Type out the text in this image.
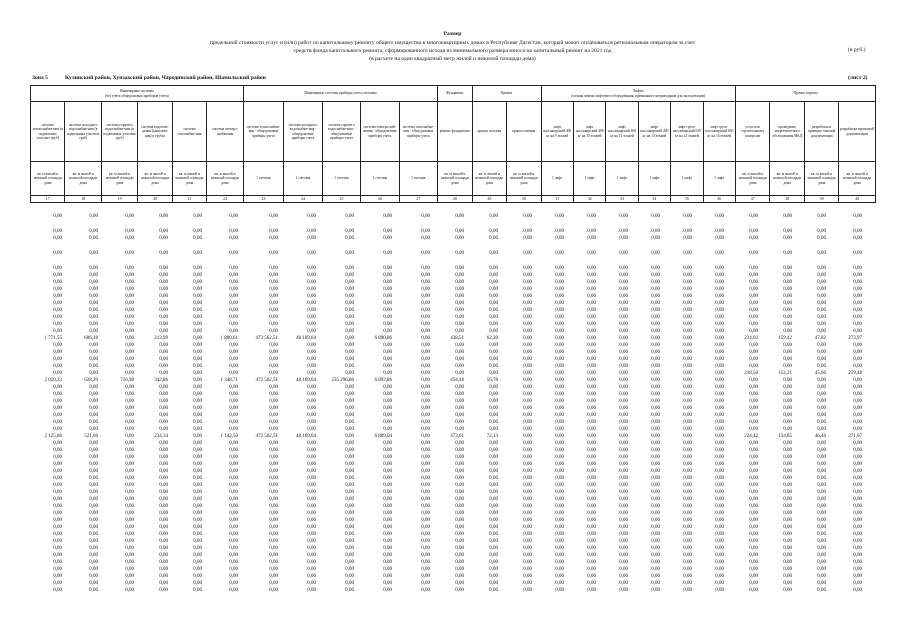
Размер
предельной стоимости услуг и (или) работ по капитальному ремонту общего имущества в многоквартирных домах в Республике Дагестан, который может оплачиваться региональным оператором за счет
средств фонда капитального ремонта, сформированного исходя из минимального размера взноса на капитальный ремонт на 2021 год
(в расчете на один квадратный метр жилой и нежилой площади дома)
(в руб.)
Зона 5	Кулинский район, Хунзахский район, Чародинский район, Шамильский район	(лист 2)
Инженерные системы
(без учета общедомовых приборов учета)						Инженерные системы приборы учета счетчики					Фундамент	Крыша		Лифты
(полная замена лифтового оборудования, признанного непригодным для эксплуатации)						Прочие затраты			
система теплоснабже-ния (в подвальных участках труб)	система холодного водоснабже-ния (в подвальных участках труб)	система горячего водоснабже-ния (в подвальных участках труб)	система водоотве-дения (канализа-ция) в трубах	система газоснабже-ния	система электро-снабжения	система теплоснабже-ния - общедомовые приборы учета	система холодного водоснабже-ния - общедомовые приборы учета	система горячего водоснабже-ния - общедомовые приборы учета	система электроснаб-жения - общедомовые приборы учета	система газоснабже-ния - общедомовые приборы учета	ремонт фундамента	крыша плоская	крыша скатная	лифт пассажирский 400 кг на 9 этажей	лифт пассажирский 400 кг на 10 этажей	лифт пассажирский 400 кг на 12 этажей	лифт пассажирский 400 кг на 14 этажей	лифт грузо-пассажирский 630 кг на 12 этажей	лифт грузо-пассажирский 630 кг на 14 этажей	услуги по строительному контролю	проведение энергетического обследования МКД	разработка и проверка сметной документации	разработка проектной документации
кв. м жилой и нежилой площади дома	кв. м жилой и нежилой площади дома	кв. м жилой и нежилой площади дома	кв. м жилой и нежилой площади дома	кв. м жилой и нежилой площади дома	кв. м жилой и нежилой площади дома	1 счетчик	1 счетчик	1 счетчик	1 счетчик	1 счетчик	кв. м жилой и нежилой площади дома	кв. м жилой и нежилой площади дома	кв. м жилой и нежилой площади дома	1 лифт	1 лифт	1 лифт	1 лифт	1 лифт	1 лифт	кв. м жилой и нежилой площади дома	кв. м жилой и нежилой площади дома	кв. м жилой и нежилой площади дома	кв. м жилой и нежилой площади дома
17	18	19	20	21	22	23	24	25	26	27	28	29	30	31	32	33	34	35	36	37	38	39	40
0,00	0,00	0,00	0,00	0,00	0,00	0,00	0,00	0,00	0,00	0,00	0,00	0,00	0,00	0,00	0,00	0,00	0,00	0,00	0,00	0,00	0,00	0,00	0,00
0,00	0,00	0,00	0,00	0,00	0,00	0,00	0,00	0,00	0,00	0,00	0,00	0,00	0,00	0,00	0,00	0,00	0,00	0,00	0,00	0,00	0,00	0,00	0,00
0,00	0,00	0,00	0,00	0,00	0,00	0,00	0,00	0,00	0,00	0,00	0,00	0,00	0,00	0,00	0,00	0,00	0,00	0,00	0,00	0,00	0,00	0,00	0,00
0,00	0,00	0,00	0,00	0,00	0,00	0,00	0,00	0,00	0,00	0,00	0,00	0,00	0,00	0,00	0,00	0,00	0,00	0,00	0,00	0,00	0,00	0,00	0,00
0,00	0,00	0,00	0,00	0,00	0,00	0,00	0,00	0,00	0,00	0,00	0,00	0,00	0,00	0,00	0,00	0,00	0,00	0,00	0,00	0,00	0,00	0,00	0,00
0,00	0,00	0,00	0,00	0,00	0,00	0,00	0,00	0,00	0,00	0,00	0,00	0,00	0,00	0,00	0,00	0,00	0,00	0,00	0,00	0,00	0,00	0,00	0,00
0,00	0,00	0,00	0,00	0,00	0,00	0,00	0,00	0,00	0,00	0,00	0,00	0,00	0,00	0,00	0,00	0,00	0,00	0,00	0,00	0,00	0,00	0,00	0,00
0,00	0,00	0,00	0,00	0,00	0,00	0,00	0,00	0,00	0,00	0,00	0,00	0,00	0,00	0,00	0,00	0,00	0,00	0,00	0,00	0,00	0,00	0,00	0,00
0,00	0,00	0,00	0,00	0,00	0,00	0,00	0,00	0,00	0,00	0,00	0,00	0,00	0,00	0,00	0,00	0,00	0,00	0,00	0,00	0,00	0,00	0,00	0,00
0,00	0,00	0,00	0,00	0,00	0,00	0,00	0,00	0,00	0,00	0,00	0,00	0,00	0,00	0,00	0,00	0,00	0,00	0,00	0,00	0,00	0,00	0,00	0,00
0,00	0,00	0,00	0,00	0,00	0,00	0,00	0,00	0,00	0,00	0,00	0,00	0,00	0,00	0,00	0,00	0,00	0,00	0,00	0,00	0,00	0,00	0,00	0,00
0,00	0,00	0,00	0,00	0,00	0,00	0,00	0,00	0,00	0,00	0,00	0,00	0,00	0,00	0,00	0,00	0,00	0,00	0,00	0,00	0,00	0,00	0,00	0,00
0,00	0,00	0,00	0,00	0,00	0,00	0,00	0,00	0,00	0,00	0,00	0,00	0,00	0,00	0,00	0,00	0,00	0,00	0,00	0,00	0,00	0,00	0,00	0,00
0,00	0,00	0,00	0,00	0,00	0,00	0,00	0,00	0,00	0,00	0,00	0,00	0,00	0,00	0,00	0,00	0,00	0,00	0,00	0,00	0,00	0,00	0,00	0,00
1 771,55	606,18	0,00	213,99	0,00	1 800,61	473 562,51	48 169,64	0,00	6 890,86	0,00	438,51	62,20	0,00	0,00	0,00	0,00	0,00	0,00	0,00	234,02	159,42	47,82	273,97
0,00	0,00	0,00	0,00	0,00	0,00	0,00	0,00	0,00	0,00	0,00	0,00	0,00	0,00	0,00	0,00	0,00	0,00	0,00	0,00	0,00	0,00	0,00	0,00
0,00	0,00	0,00	0,00	0,00	0,00	0,00	0,00	0,00	0,00	0,00	0,00	0,00	0,00	0,00	0,00	0,00	0,00	0,00	0,00	0,00	0,00	0,00	0,00
0,00	0,00	0,00	0,00	0,00	0,00	0,00	0,00	0,00	0,00	0,00	0,00	0,00	0,00	0,00	0,00	0,00	0,00	0,00	0,00	0,00	0,00	0,00	0,00
0,00	0,00	0,00	0,00	0,00	0,00	0,00	0,00	0,00	0,00	0,00	0,00	0,00	0,00	0,00	0,00	0,00	0,00	0,00	0,00	0,00	0,00	0,00	0,00
0,00	0,00	0,00	0,00	0,00	0,00	0,00	0,00	0,00	0,00	0,00	0,00	0,00	0,00	0,00	0,00	0,00	0,00	0,00	0,00	218,50	152,21	45,66	259,48
2 020,23	628,20	716,98	342,86	0,00	1 348,71	473 562,51	48 169,64	235 296,86	6 892,86	0,00	454,48	56,78	0,00	0,00	0,00	0,00	0,00	0,00	0,00	0,00	0,00	0,00	0,00
0,00	0,00	0,00	0,00	0,00	0,00	0,00	0,00	0,00	0,00	0,00	0,00	0,00	0,00	0,00	0,00	0,00	0,00	0,00	0,00	0,00	0,00	0,00	0,00
0,00	0,00	0,00	0,00	0,00	0,00	0,00	0,00	0,00	0,00	0,00	0,00	0,00	0,00	0,00	0,00	0,00	0,00	0,00	0,00	0,00	0,00	0,00	0,00
0,00	0,00	0,00	0,00	0,00	0,00	0,00	0,00	0,00	0,00	0,00	0,00	0,00	0,00	0,00	0,00	0,00	0,00	0,00	0,00	0,00	0,00	0,00	0,00
0,00	0,00	0,00	0,00	0,00	0,00	0,00	0,00	0,00	0,00	0,00	0,00	0,00	0,00	0,00	0,00	0,00	0,00	0,00	0,00	0,00	0,00	0,00	0,00
0,00	0,00	0,00	0,00	0,00	0,00	0,00	0,00	0,00	0,00	0,00	0,00	0,00	0,00	0,00	0,00	0,00	0,00	0,00	0,00	0,00	0,00	0,00	0,00
0,00	0,00	0,00	0,00	0,00	0,00	0,00	0,00	0,00	0,00	0,00	0,00	0,00	0,00	0,00	0,00	0,00	0,00	0,00	0,00	0,00	0,00	0,00	0,00
0,00	0,00	0,00	0,00	0,00	0,00	0,00	0,00	0,00	0,00	0,00	0,00	0,00	0,00	0,00	0,00	0,00	0,00	0,00	0,00	0,00	0,00	0,00	0,00
2 125,86	521,66	0,00	234,34	0,00	1 142,50	473 562,51	48 169,64	0,00	6 889,04	0,00	473,61	72,13	0,00	0,00	0,00	0,00	0,00	0,00	0,00	224,42	134,85	46,46	271,07
0,00	0,00	0,00	0,00	0,00	0,00	0,00	0,00	0,00	0,00	0,00	0,00	0,00	0,00	0,00	0,00	0,00	0,00	0,00	0,00	0,00	0,00	0,00	0,00
0,00	0,00	0,00	0,00	0,00	0,00	0,00	0,00	0,00	0,00	0,00	0,00	0,00	0,00	0,00	0,00	0,00	0,00	0,00	0,00	0,00	0,00	0,00	0,00
0,00	0,00	0,00	0,00	0,00	0,00	0,00	0,00	0,00	0,00	0,00	0,00	0,00	0,00	0,00	0,00	0,00	0,00	0,00	0,00	0,00	0,00	0,00	0,00
0,00	0,00	0,00	0,00	0,00	0,00	0,00	0,00	0,00	0,00	0,00	0,00	0,00	0,00	0,00	0,00	0,00	0,00	0,00	0,00	0,00	0,00	0,00	0,00
0,00	0,00	0,00	0,00	0,00	0,00	0,00	0,00	0,00	0,00	0,00	0,00	0,00	0,00	0,00	0,00	0,00	0,00	0,00	0,00	0,00	0,00	0,00	0,00
0,00	0,00	0,00	0,00	0,00	0,00	0,00	0,00	0,00	0,00	0,00	0,00	0,00	0,00	0,00	0,00	0,00	0,00	0,00	0,00	0,00	0,00	0,00	0,00
0,00	0,00	0,00	0,00	0,00	0,00	0,00	0,00	0,00	0,00	0,00	0,00	0,00	0,00	0,00	0,00	0,00	0,00	0,00	0,00	0,00	0,00	0,00	0,00
0,00	0,00	0,00	0,00	0,00	0,00	0,00	0,00	0,00	0,00	0,00	0,00	0,00	0,00	0,00	0,00	0,00	0,00	0,00	0,00	0,00	0,00	0,00	0,00
0,00	0,00	0,00	0,00	0,00	0,00	0,00	0,00	0,00	0,00	0,00	0,00	0,00	0,00	0,00	0,00	0,00	0,00	0,00	0,00	0,00	0,00	0,00	0,00
0,00	0,00	0,00	0,00	0,00	0,00	0,00	0,00	0,00	0,00	0,00	0,00	0,00	0,00	0,00	0,00	0,00	0,00	0,00	0,00	0,00	0,00	0,00	0,00
0,00	0,00	0,00	0,00	0,00	0,00	0,00	0,00	0,00	0,00	0,00	0,00	0,00	0,00	0,00	0,00	0,00	0,00	0,00	0,00	0,00	0,00	0,00	0,00
0,00	0,00	0,00	0,00	0,00	0,00	0,00	0,00	0,00	0,00	0,00	0,00	0,00	0,00	0,00	0,00	0,00	0,00	0,00	0,00	0,00	0,00	0,00	0,00
0,00	0,00	0,00	0,00	0,00	0,00	0,00	0,00	0,00	0,00	0,00	0,00	0,00	0,00	0,00	0,00	0,00	0,00	0,00	0,00	0,00	0,00	0,00	0,00
0,00	0,00	0,00	0,00	0,00	0,00	0,00	0,00	0,00	0,00	0,00	0,00	0,00	0,00	0,00	0,00	0,00	0,00	0,00	0,00	0,00	0,00	0,00	0,00
0,00	0,00	0,00	0,00	0,00	0,00	0,00	0,00	0,00	0,00	0,00	0,00	0,00	0,00	0,00	0,00	0,00	0,00	0,00	0,00	0,00	0,00	0,00	0,00
0,00	0,00	0,00	0,00	0,00	0,00	0,00	0,00	0,00	0,00	0,00	0,00	0,00	0,00	0,00	0,00	0,00	0,00	0,00	0,00	0,00	0,00	0,00	0,00
0,00	0,00	0,00	0,00	0,00	0,00	0,00	0,00	0,00	0,00	0,00	0,00	0,00	0,00	0,00	0,00	0,00	0,00	0,00	0,00	0,00	0,00	0,00	0,00
0,00	0,00	0,00	0,00	0,00	0,00	0,00	0,00	0,00	0,00	0,00	0,00	0,00	0,00	0,00	0,00	0,00	0,00	0,00	0,00	0,00	0,00	0,00	0,00
0,00	0,00	0,00	0,00	0,00	0,00	0,00	0,00	0,00	0,00	0,00	0,00	0,00	0,00	0,00	0,00	0,00	0,00	0,00	0,00	0,00	0,00	0,00	0,00
0,00	0,00	0,00	0,00	0,00	0,00	0,00	0,00	0,00	0,00	0,00	0,00	0,00	0,00	0,00	0,00	0,00	0,00	0,00	0,00	0,00	0,00	0,00	0,00
0,00	0,00	0,00	0,00	0,00	0,00	0,00	0,00	0,00	0,00	0,00	0,00	0,00	0,00	0,00	0,00	0,00	0,00	0,00	0,00	0,00	0,00	0,00	0,00
0,00	0,00	0,00	0,00	0,00	0,00	0,00	0,00	0,00	0,00	0,00	0,00	0,00	0,00	0,00	0,00	0,00	0,00	0,00	0,00	0,00	0,00	0,00	0,00
